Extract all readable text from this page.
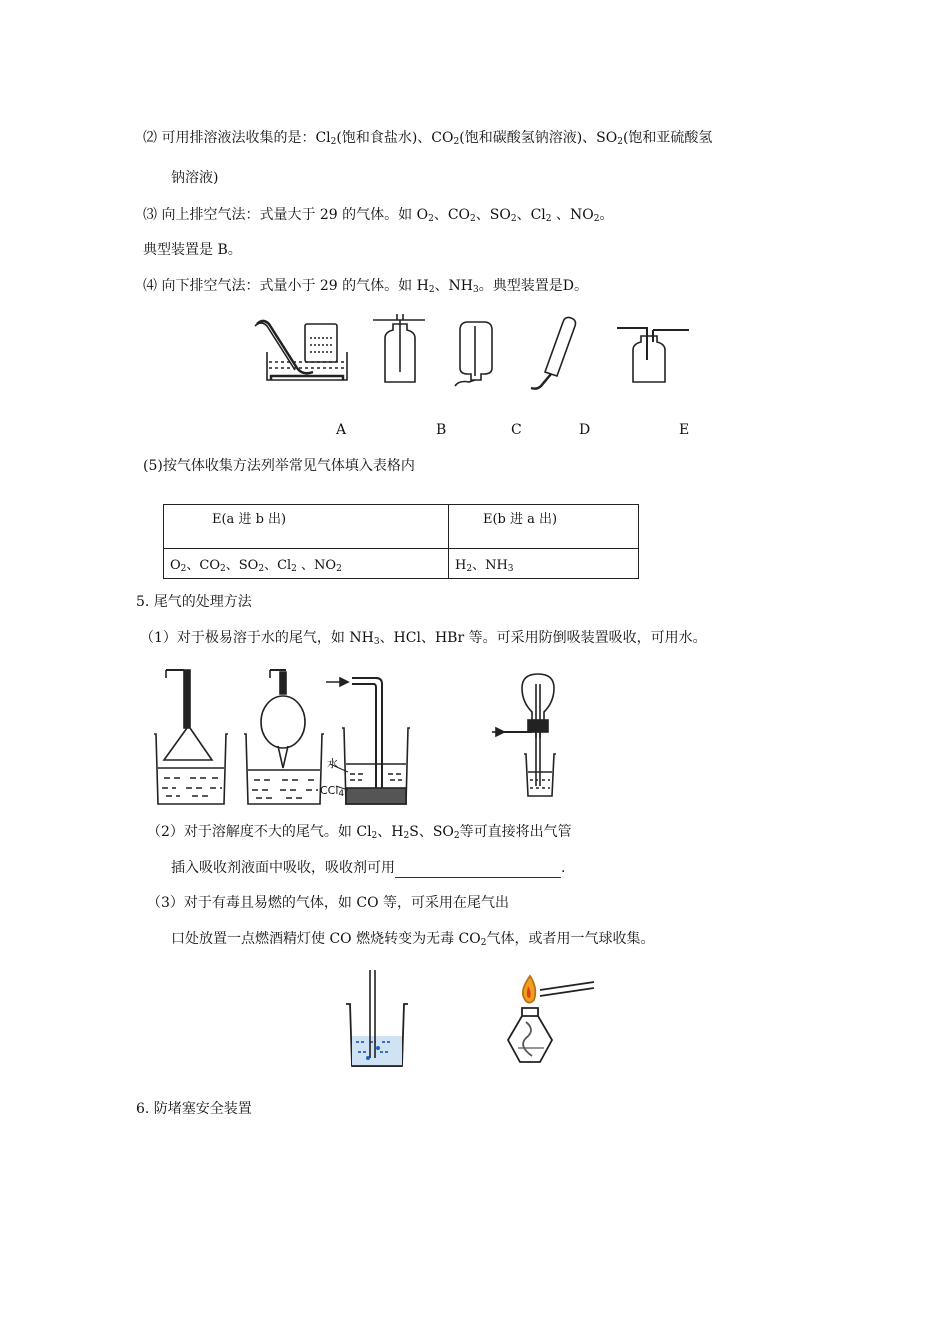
⑵ 可用排溶液法收集的是：$Cl_2$(饱和食盐水)、$CO_2$(饱和碳酸氢钠溶液)、$SO_2$(饱和亚硫酸氢
钠溶液)
⑶ 向上排空气法：式量大于 29 的气体。如 $O_2$、$CO_2$、$SO_2$、$Cl_2$ 、$NO_2$。
典型装置是 B。
⑷ 向下排空气法：式量小于 29 的气体。如 $H_2$、$NH_3$。典型装置是D。
A	B	C	D	E
(5)按气体收集方法列举常见气体填入表格内
E(a 进 b 出)	E(b 进 a 出)
$O_2$、$CO_2$、$SO_2$、$Cl_2$ 、$NO_2$	$H_2$、$NH_3$
5. 尾气的处理方法
（1）对于极易溶于水的尾气，如 $NH_3$、HCl、HBr 等。可采用防倒吸装置吸收，可用水。
水
CCl$_4$
（2）对于溶解度不大的尾气。如 $Cl_2$、$H_2S$、$SO_2$等可直接将出气管
插入吸收剂液面中吸收，吸收剂可用	.
（3）对于有毒且易燃的气体，如 CO 等，可采用在尾气出
口处放置一点燃酒精灯使 CO 燃烧转变为无毒 $CO_2$气体，或者用一气球收集。
6. 防堵塞安全装置
